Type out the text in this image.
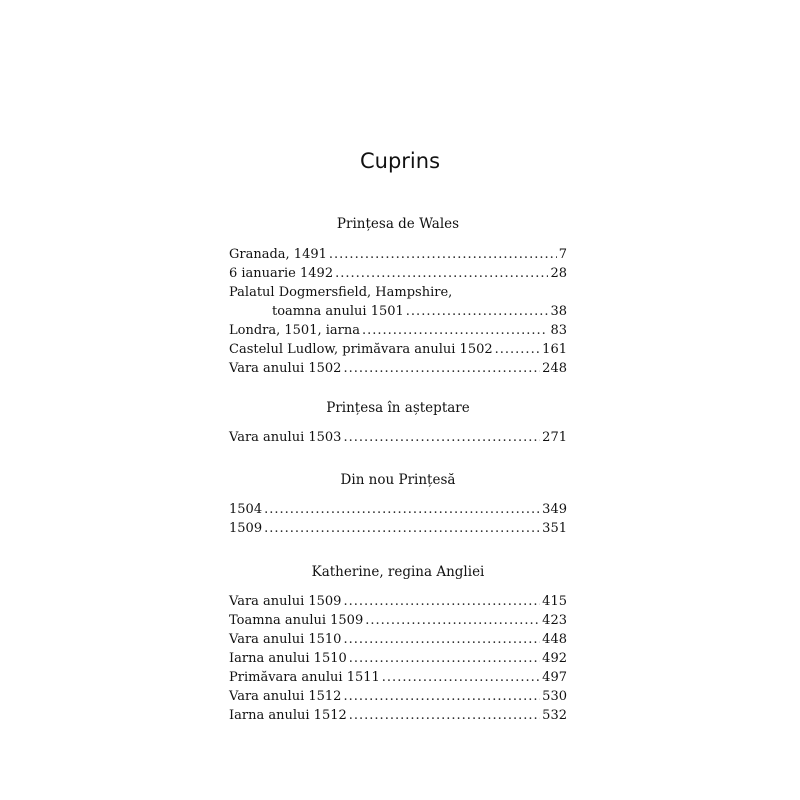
Cuprins
Prințesa de Wales
Granada, 1491 .....	7
6 ianuarie 1492 .....	28
Palatul Dogmersfield, Hampshire,
toamna anului 1501 .....	38
Londra, 1501, iarna .....	83
Castelul Ludlow, primăvara anului 1502 .....	161
Vara anului 1502 .....	248
Prințesa în așteptare
Vara anului 1503 .....	271
Din nou Prințesă
1504 .....	349
1509 .....	351
Katherine, regina Angliei
Vara anului 1509 .....	415
Toamna anului 1509 .....	423
Vara anului 1510 .....	448
Iarna anului 1510 .....	492
Primăvara anului 1511 .....	497
Vara anului 1512 .....	530
Iarna anului 1512 .....	532
